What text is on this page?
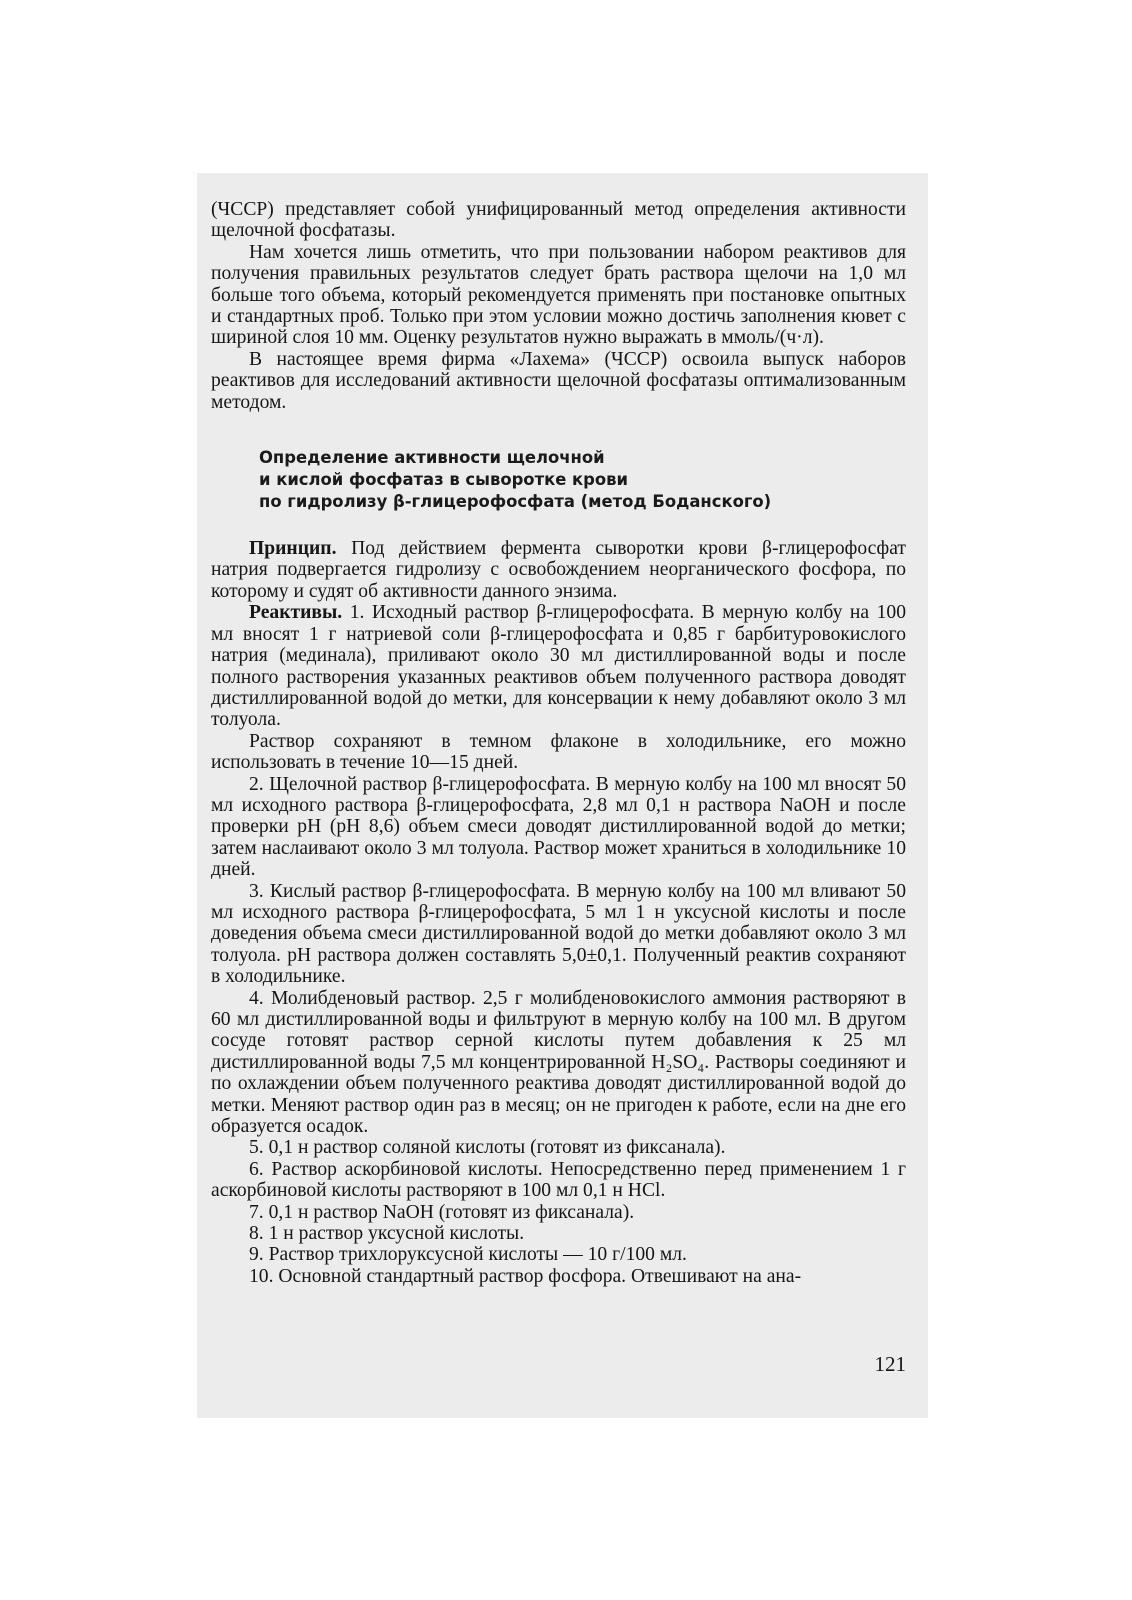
(ЧССР) представляет собой унифицированный метод определения активности щелочной фосфатазы.

Нам хочется лишь отметить, что при пользовании набором реактивов для получения правильных результатов следует брать раствора щелочи на 1,0 мл больше того объема, который рекомендуется применять при постановке опытных и стандартных проб. Только при этом условии можно достичь заполнения кювет с шириной слоя 10 мм. Оценку результатов нужно выражать в ммоль/(ч·л).

В настоящее время фирма «Лахема» (ЧССР) освоила выпуск наборов реактивов для исследований активности щелочной фосфатазы оптимализованным методом.

Определение активности щелочной
и кислой фосфатаз в сыворотке крови
по гидролизу β-глицерофосфата (метод Боданского)

Принцип. Под действием фермента сыворотки крови β-глицерофосфат натрия подвергается гидролизу с освобождением неорганического фосфора, по которому и судят об активности данного энзима.

Реактивы. 1. Исходный раствор β-глицерофосфата. В мерную колбу на 100 мл вносят 1 г натриевой соли β-глицерофосфата и 0,85 г барбитуровокислого натрия (мединала), приливают около 30 мл дистиллированной воды и после полного растворения указанных реактивов объем полученного раствора доводят дистиллированной водой до метки, для консервации к нему добавляют около 3 мл толуола.

Раствор сохраняют в темном флаконе в холодильнике, его можно использовать в течение 10—15 дней.

2. Щелочной раствор β-глицерофосфата. В мерную колбу на 100 мл вносят 50 мл исходного раствора β-глицерофосфата, 2,8 мл 0,1 н раствора NaOH и после проверки pH (pH 8,6) объем смеси доводят дистиллированной водой до метки; затем наслаивают около 3 мл толуола. Раствор может храниться в холодильнике 10 дней.

3. Кислый раствор β-глицерофосфата. В мерную колбу на 100 мл вливают 50 мл исходного раствора β-глицерофосфата, 5 мл 1 н уксусной кислоты и после доведения объема смеси дистиллированной водой до метки добавляют около 3 мл толуола. pH раствора должен составлять 5,0±0,1. Полученный реактив сохраняют в холодильнике.

4. Молибденовый раствор. 2,5 г молибденовокислого аммония растворяют в 60 мл дистиллированной воды и фильтруют в мерную колбу на 100 мл. В другом сосуде готовят раствор серной кислоты путем добавления к 25 мл дистиллированной воды 7,5 мл концентрированной H₂SO₄. Растворы соединяют и по охлаждении объем полученного реактива доводят дистиллированной водой до метки. Меняют раствор один раз в месяц; он не пригоден к работе, если на дне его образуется осадок.

5. 0,1 н раствор соляной кислоты (готовят из фиксанала).

6. Раствор аскорбиновой кислоты. Непосредственно перед применением 1 г аскорбиновой кислоты растворяют в 100 мл 0,1 н HCl.

7. 0,1 н раствор NaOH (готовят из фиксанала).

8. 1 н раствор уксусной кислоты.

9. Раствор трихлоруксусной кислоты — 10 г/100 мл.

10. Основной стандартный раствор фосфора. Отвешивают на ана-

121
